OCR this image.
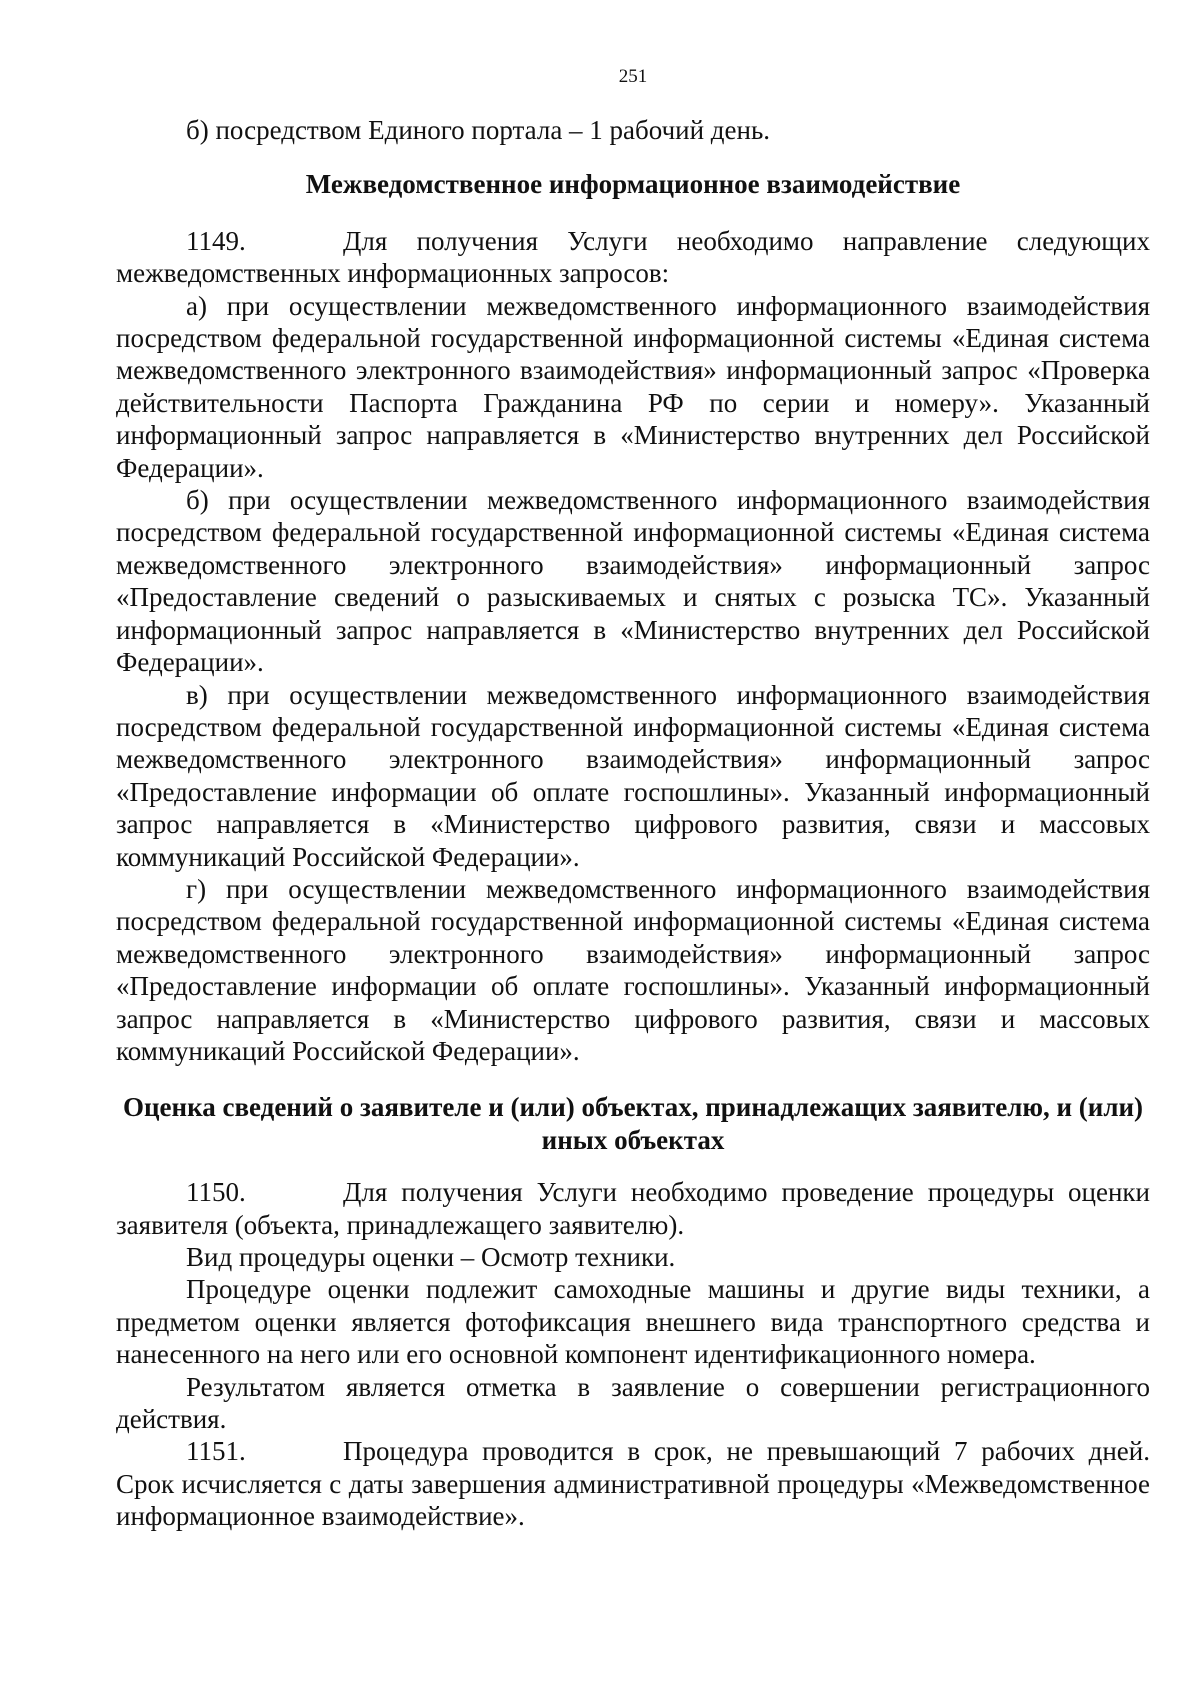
251

б) посредством Единого портала – 1 рабочий день.

Межведомственное информационное взаимодействие

1149.	Для получения Услуги необходимо направление следующих межведомственных информационных запросов:

а) при осуществлении межведомственного информационного взаимодействия посредством федеральной государственной информационной системы «Единая система межведомственного электронного взаимодействия» информационный запрос «Проверка действительности Паспорта Гражданина РФ по серии и номеру». Указанный информационный запрос направляется в «Министерство внутренних дел Российской Федерации».

б) при осуществлении межведомственного информационного взаимодействия посредством федеральной государственной информационной системы «Единая система межведомственного электронного взаимодействия» информационный запрос «Предоставление сведений о разыскиваемых и снятых с розыска ТС». Указанный информационный запрос направляется в «Министерство внутренних дел Российской Федерации».

в) при осуществлении межведомственного информационного взаимодействия посредством федеральной государственной информационной системы «Единая система межведомственного электронного взаимодействия» информационный запрос «Предоставление информации об оплате госпошлины». Указанный информационный запрос направляется в «Министерство цифрового развития, связи и массовых коммуникаций Российской Федерации».

г) при осуществлении межведомственного информационного взаимодействия посредством федеральной государственной информационной системы «Единая система межведомственного электронного взаимодействия» информационный запрос «Предоставление информации об оплате госпошлины». Указанный информационный запрос направляется в «Министерство цифрового развития, связи и массовых коммуникаций Российской Федерации».

Оценка сведений о заявителе и (или) объектах, принадлежащих заявителю, и (или) иных объектах

1150.	Для получения Услуги необходимо проведение процедуры оценки заявителя (объекта, принадлежащего заявителю).

Вид процедуры оценки – Осмотр техники.

Процедуре оценки подлежит самоходные машины и другие виды техники, а предметом оценки является фотофиксация внешнего вида транспортного средства и нанесенного на него или его основной компонент идентификационного номера.

Результатом является отметка в заявление о совершении регистрационного действия.

1151.	Процедура проводится в срок, не превышающий 7 рабочих дней. Срок исчисляется с даты завершения административной процедуры «Межведомственное информационное взаимодействие».
